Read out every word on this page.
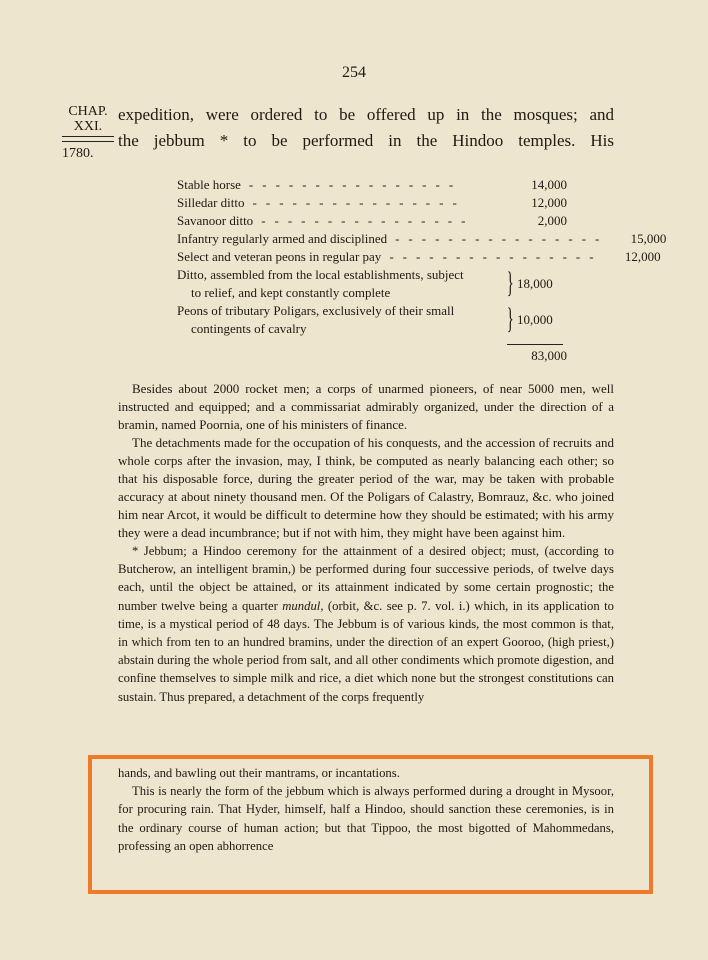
254
CHAP.
XXI.
1780.
expedition, were ordered to be offered up in the mosques; and
the jebbum * to be performed in the Hindoo temples. His
Stable horse ----------------	14,000
Silledar ditto ----------------	12,000
Savanoor ditto ----------------	2,000
Infantry regularly armed and disciplined ----------------	15,000
Select and veteran peons in regular pay ----------------	12,000
Ditto, assembled from the local establishments, subject
to relief, and kept constantly complete	} 18,000
Peons of tributary Poligars, exclusively of their small
contingents of cavalry	} 10,000
83,000

Besides about 2000 rocket men; a corps of unarmed pioneers, of near 5000 men, well instructed and equipped; and a commissariat admirably organized, under the direction of a bramin, named Poornia, one of his ministers of finance.

The detachments made for the occupation of his conquests, and the accession of recruits and whole corps after the invasion, may, I think, be computed as nearly balancing each other; so that his disposable force, during the greater period of the war, may be taken with probable accuracy at about ninety thousand men. Of the Poligars of Calastry, Bomrauz, &c. who joined him near Arcot, it would be difficult to determine how they should be estimated; with his army they were a dead incumbrance; but if not with him, they might have been against him.

* Jebbum; a Hindoo ceremony for the attainment of a desired object; must, (according to Butcherow, an intelligent bramin,) be performed during four successive periods, of twelve days each, until the object be attained, or its attainment indicated by some certain prognostic; the number twelve being a quarter mundul, (orbit, &c. see p. 7. vol. i.) which, in its application to time, is a mystical period of 48 days. The Jebbum is of various kinds, the most common is that, in which from ten to an hundred bramins, under the direction of an expert Gooroo, (high priest,) abstain during the whole period from salt, and all other condiments which promote digestion, and confine themselves to simple milk and rice, a diet which none but the strongest constitutions can sustain. Thus prepared, a detachment of the corps frequently

hands, and bawling out their mantrams, or incantations.

This is nearly the form of the jebbum which is always performed during a drought in Mysoor, for procuring rain. That Hyder, himself, half a Hindoo, should sanction these ceremonies, is in the ordinary course of human action; but that Tippoo, the most bigotted of Mahommedans, professing an open abhorrence
